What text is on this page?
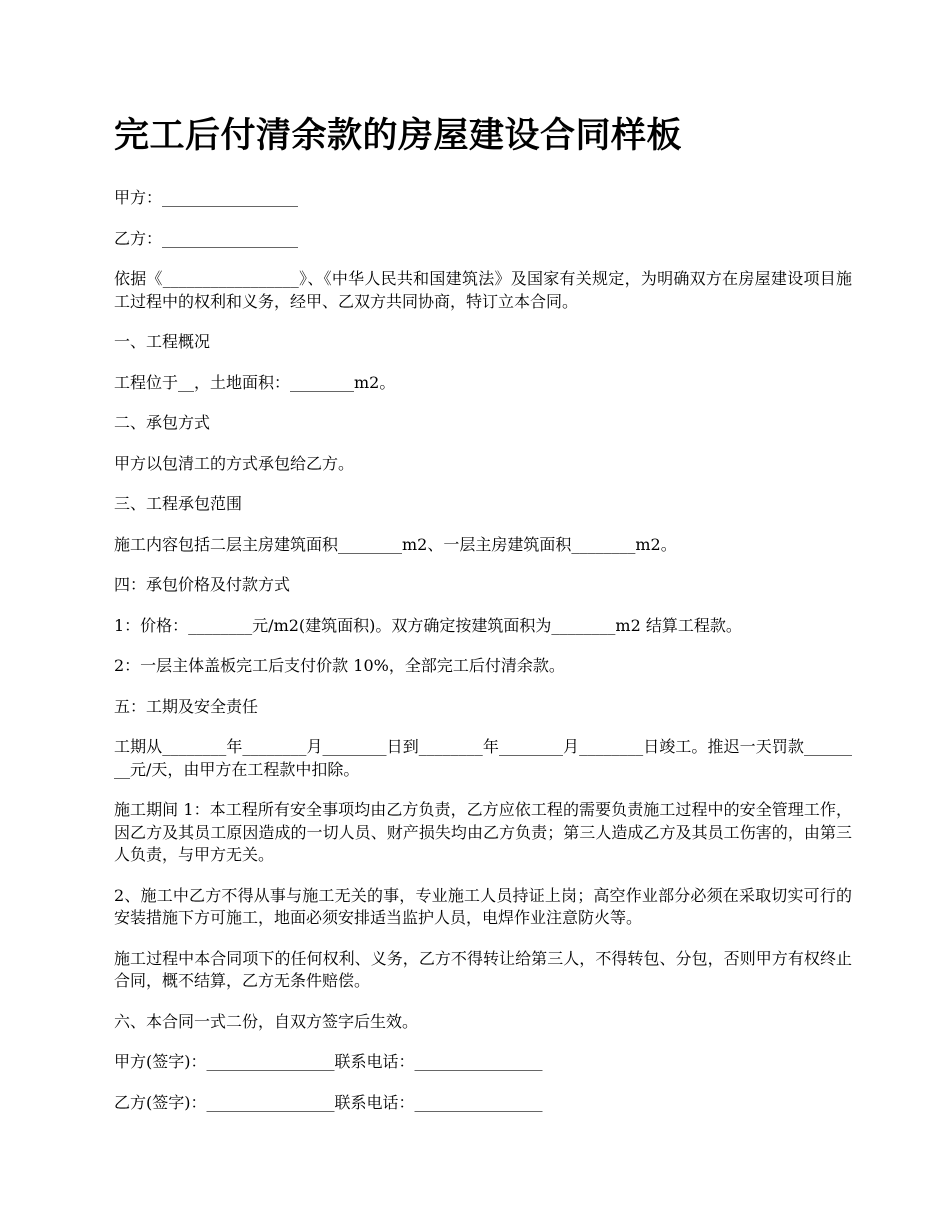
完工后付清余款的房屋建设合同样板

甲方：_________________

乙方：_________________

依据《_________________》、《中华人民共和国建筑法》及国家有关规定，为明确双方在房屋建设项目施工过程中的权利和义务，经甲、乙双方共同协商，特订立本合同。

一、工程概况

工程位于__，土地面积：________m2。

二、承包方式

甲方以包清工的方式承包给乙方。

三、工程承包范围

施工内容包括二层主房建筑面积________m2、一层主房建筑面积________m2。

四：承包价格及付款方式

1：价格：________元/m2(建筑面积)。双方确定按建筑面积为________m2 结算工程款。

2：一层主体盖板完工后支付价款 10%，全部完工后付清余款。

五：工期及安全责任

工期从________年________月________日到________年________月________日竣工。推迟一天罚款________元/天，由甲方在工程款中扣除。

施工期间 1：本工程所有安全事项均由乙方负责，乙方应依工程的需要负责施工过程中的安全管理工作，因乙方及其员工原因造成的一切人员、财产损失均由乙方负责；第三人造成乙方及其员工伤害的，由第三人负责，与甲方无关。

2、施工中乙方不得从事与施工无关的事，专业施工人员持证上岗；高空作业部分必须在采取切实可行的安装措施下方可施工，地面必须安排适当监护人员，电焊作业注意防火等。

施工过程中本合同项下的任何权利、义务，乙方不得转让给第三人，不得转包、分包，否则甲方有权终止合同，概不结算，乙方无条件赔偿。

六、本合同一式二份，自双方签字后生效。

甲方(签字)：________________联系电话：________________

乙方(签字)：________________联系电话：________________
